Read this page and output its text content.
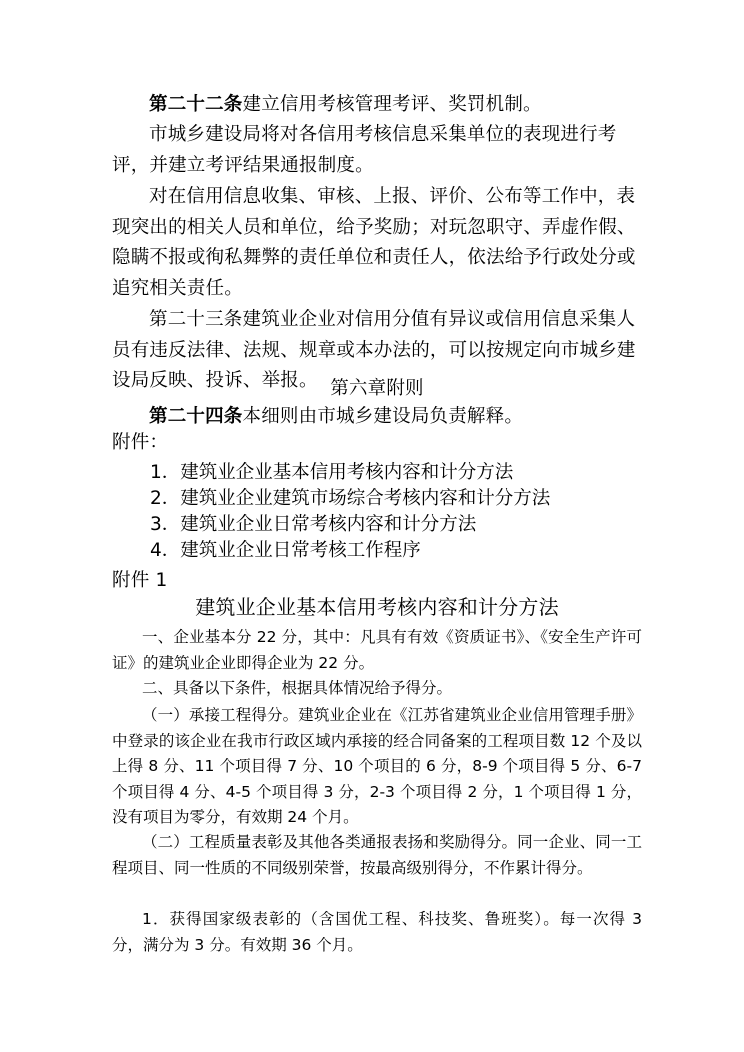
第二十二条建立信用考核管理考评、奖罚机制。
市城乡建设局将对各信用考核信息采集单位的表现进行考评，并建立考评结果通报制度。
对在信用信息收集、审核、上报、评价、公布等工作中，表现突出的相关人员和单位，给予奖励；对玩忽职守、弄虚作假、隐瞒不报或徇私舞弊的责任单位和责任人，依法给予行政处分或追究相关责任。
第二十三条建筑业企业对信用分值有异议或信用信息采集人员有违反法律、法规、规章或本办法的，可以按规定向市城乡建设局反映、投诉、举报。 第六章附则
第二十四条本细则由市城乡建设局负责解释。
附件：
1．建筑业企业基本信用考核内容和计分方法
2．建筑业企业建筑市场综合考核内容和计分方法
3．建筑业企业日常考核内容和计分方法
4．建筑业企业日常考核工作程序
附件 1
建筑业企业基本信用考核内容和计分方法
一、企业基本分 22 分，其中：凡具有有效《资质证书》、《安全生产许可证》的建筑业企业即得企业为 22 分。
二、具备以下条件，根据具体情况给予得分。
（一）承接工程得分。建筑业企业在《江苏省建筑业企业信用管理手册》中登录的该企业在我市行政区域内承接的经合同备案的工程项目数 12 个及以上得 8 分、11 个项目得 7 分、10 个项目的 6 分，8-9 个项目得 5 分、6-7 个项目得 4 分、4-5 个项目得 3 分，2-3 个项目得 2 分，1 个项目得 1 分，没有项目为零分，有效期 24 个月。
（二）工程质量表彰及其他各类通报表扬和奖励得分。同一企业、同一工程项目、同一性质的不同级别荣誉，按最高级别得分，不作累计得分。
1．获得国家级表彰的（含国优工程、科技奖、鲁班奖）。每一次得 3 分，满分为 3 分。有效期 36 个月。
